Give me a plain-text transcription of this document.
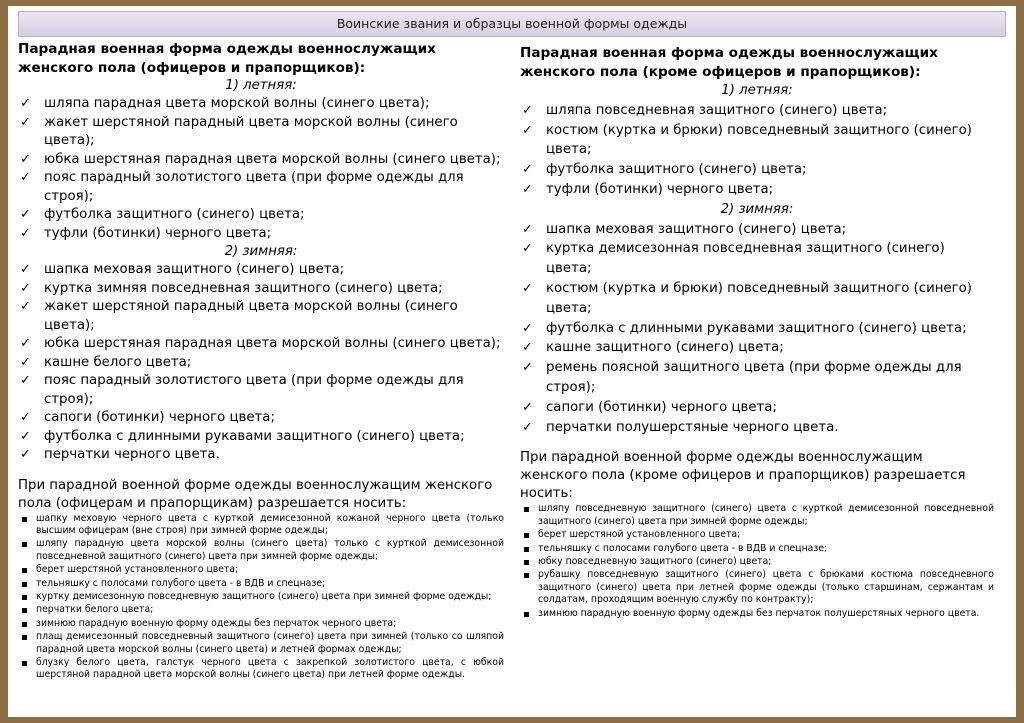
Воинские звания и образцы военной формы одежды
Парадная военная форма одежды военнослужащих женского пола (офицеров и прапорщиков):
1) летняя:
✓ шляпа парадная цвета морской волны (синего цвета);
✓ жакет шерстяной парадный цвета морской волны (синего цвета);
✓ юбка шерстяная парадная цвета морской волны (синего цвета);
✓ пояс парадный золотистого цвета (при форме одежды для строя);
✓ футболка защитного (синего) цвета;
✓ туфли (ботинки) черного цвета;
2) зимняя:
✓ шапка меховая защитного (синего) цвета;
✓ куртка зимняя повседневная защитного (синего) цвета;
✓ жакет шерстяной парадный цвета морской волны (синего цвета);
✓ юбка шерстяная парадная цвета морской волны (синего цвета);
✓ кашне белого цвета;
✓ пояс парадный золотистого цвета (при форме одежды для строя);
✓ сапоги (ботинки) черного цвета;
✓ футболка с длинными рукавами защитного (синего) цвета;
✓ перчатки черного цвета.
При парадной военной форме одежды военнослужащим женского пола (офицерам и прапорщикам) разрешается носить:
шапку меховую черного цвета с курткой демисезонной кожаной черного цвета (только высшим офицерам (вне строя) при зимней форме одежды;
шляпу парадную цвета морской волны (синего цвета) только с курткой демисезонной повседневной защитного (синего) цвета при зимней форме одежды;
берет шерстяной установленного цвета;
тельняшку с полосами голубого цвета - в ВДВ и спецназе;
куртку демисезонную повседневную защитного (синего) цвета при зимней форме одежды;
перчатки белого цвета;
зимнюю парадную военную форму одежды без перчаток черного цвета;
плащ демисезонный повседневный защитного (синего) цвета при зимней (только со шляпой парадной цвета морской волны (синего цвета) и летней формах одежды;
блузку белого цвета, галстук черного цвета с закрепкой золотистого цвета, с юбкой шерстяной парадной цвета морской волны (синего цвета) при летней форме одежды.
Парадная военная форма одежды военнослужащих женского пола (кроме офицеров и прапорщиков):
1) летняя:
✓ шляпа повседневная защитного (синего) цвета;
✓ костюм (куртка и брюки) повседневный защитного (синего) цвета;
✓ футболка защитного (синего) цвета;
✓ туфли (ботинки) черного цвета;
2) зимняя:
✓ шапка меховая защитного (синего) цвета;
✓ куртка демисезонная повседневная защитного (синего) цвета;
✓ костюм (куртка и брюки) повседневный защитного (синего) цвета;
✓ футболка с длинными рукавами защитного (синего) цвета;
✓ кашне защитного (синего) цвета;
✓ ремень поясной защитного цвета (при форме одежды для строя);
✓ сапоги (ботинки) черного цвета;
✓ перчатки полушерстяные черного цвета.
При парадной военной форме одежды военнослужащим женского пола (кроме офицеров и прапорщиков) разрешается носить:
шляпу повседневную защитного (синего) цвета с курткой демисезонной повседневной защитного (синего) цвета при зимней форме одежды;
берет шерстяной установленного цвета;
тельняшку с полосами голубого цвета - в ВДВ и спецназе;
юбку повседневную защитного (синего) цвета;
рубашку повседневную защитного (синего) цвета с брюками костюма повседневного защитного (синего) цвета при летней форме одежды (только старшинам, сержантам и солдатам, проходящим военную службу по контракту);
зимнюю парадную военную форму одежды без перчаток полушерстяных черного цвета.
